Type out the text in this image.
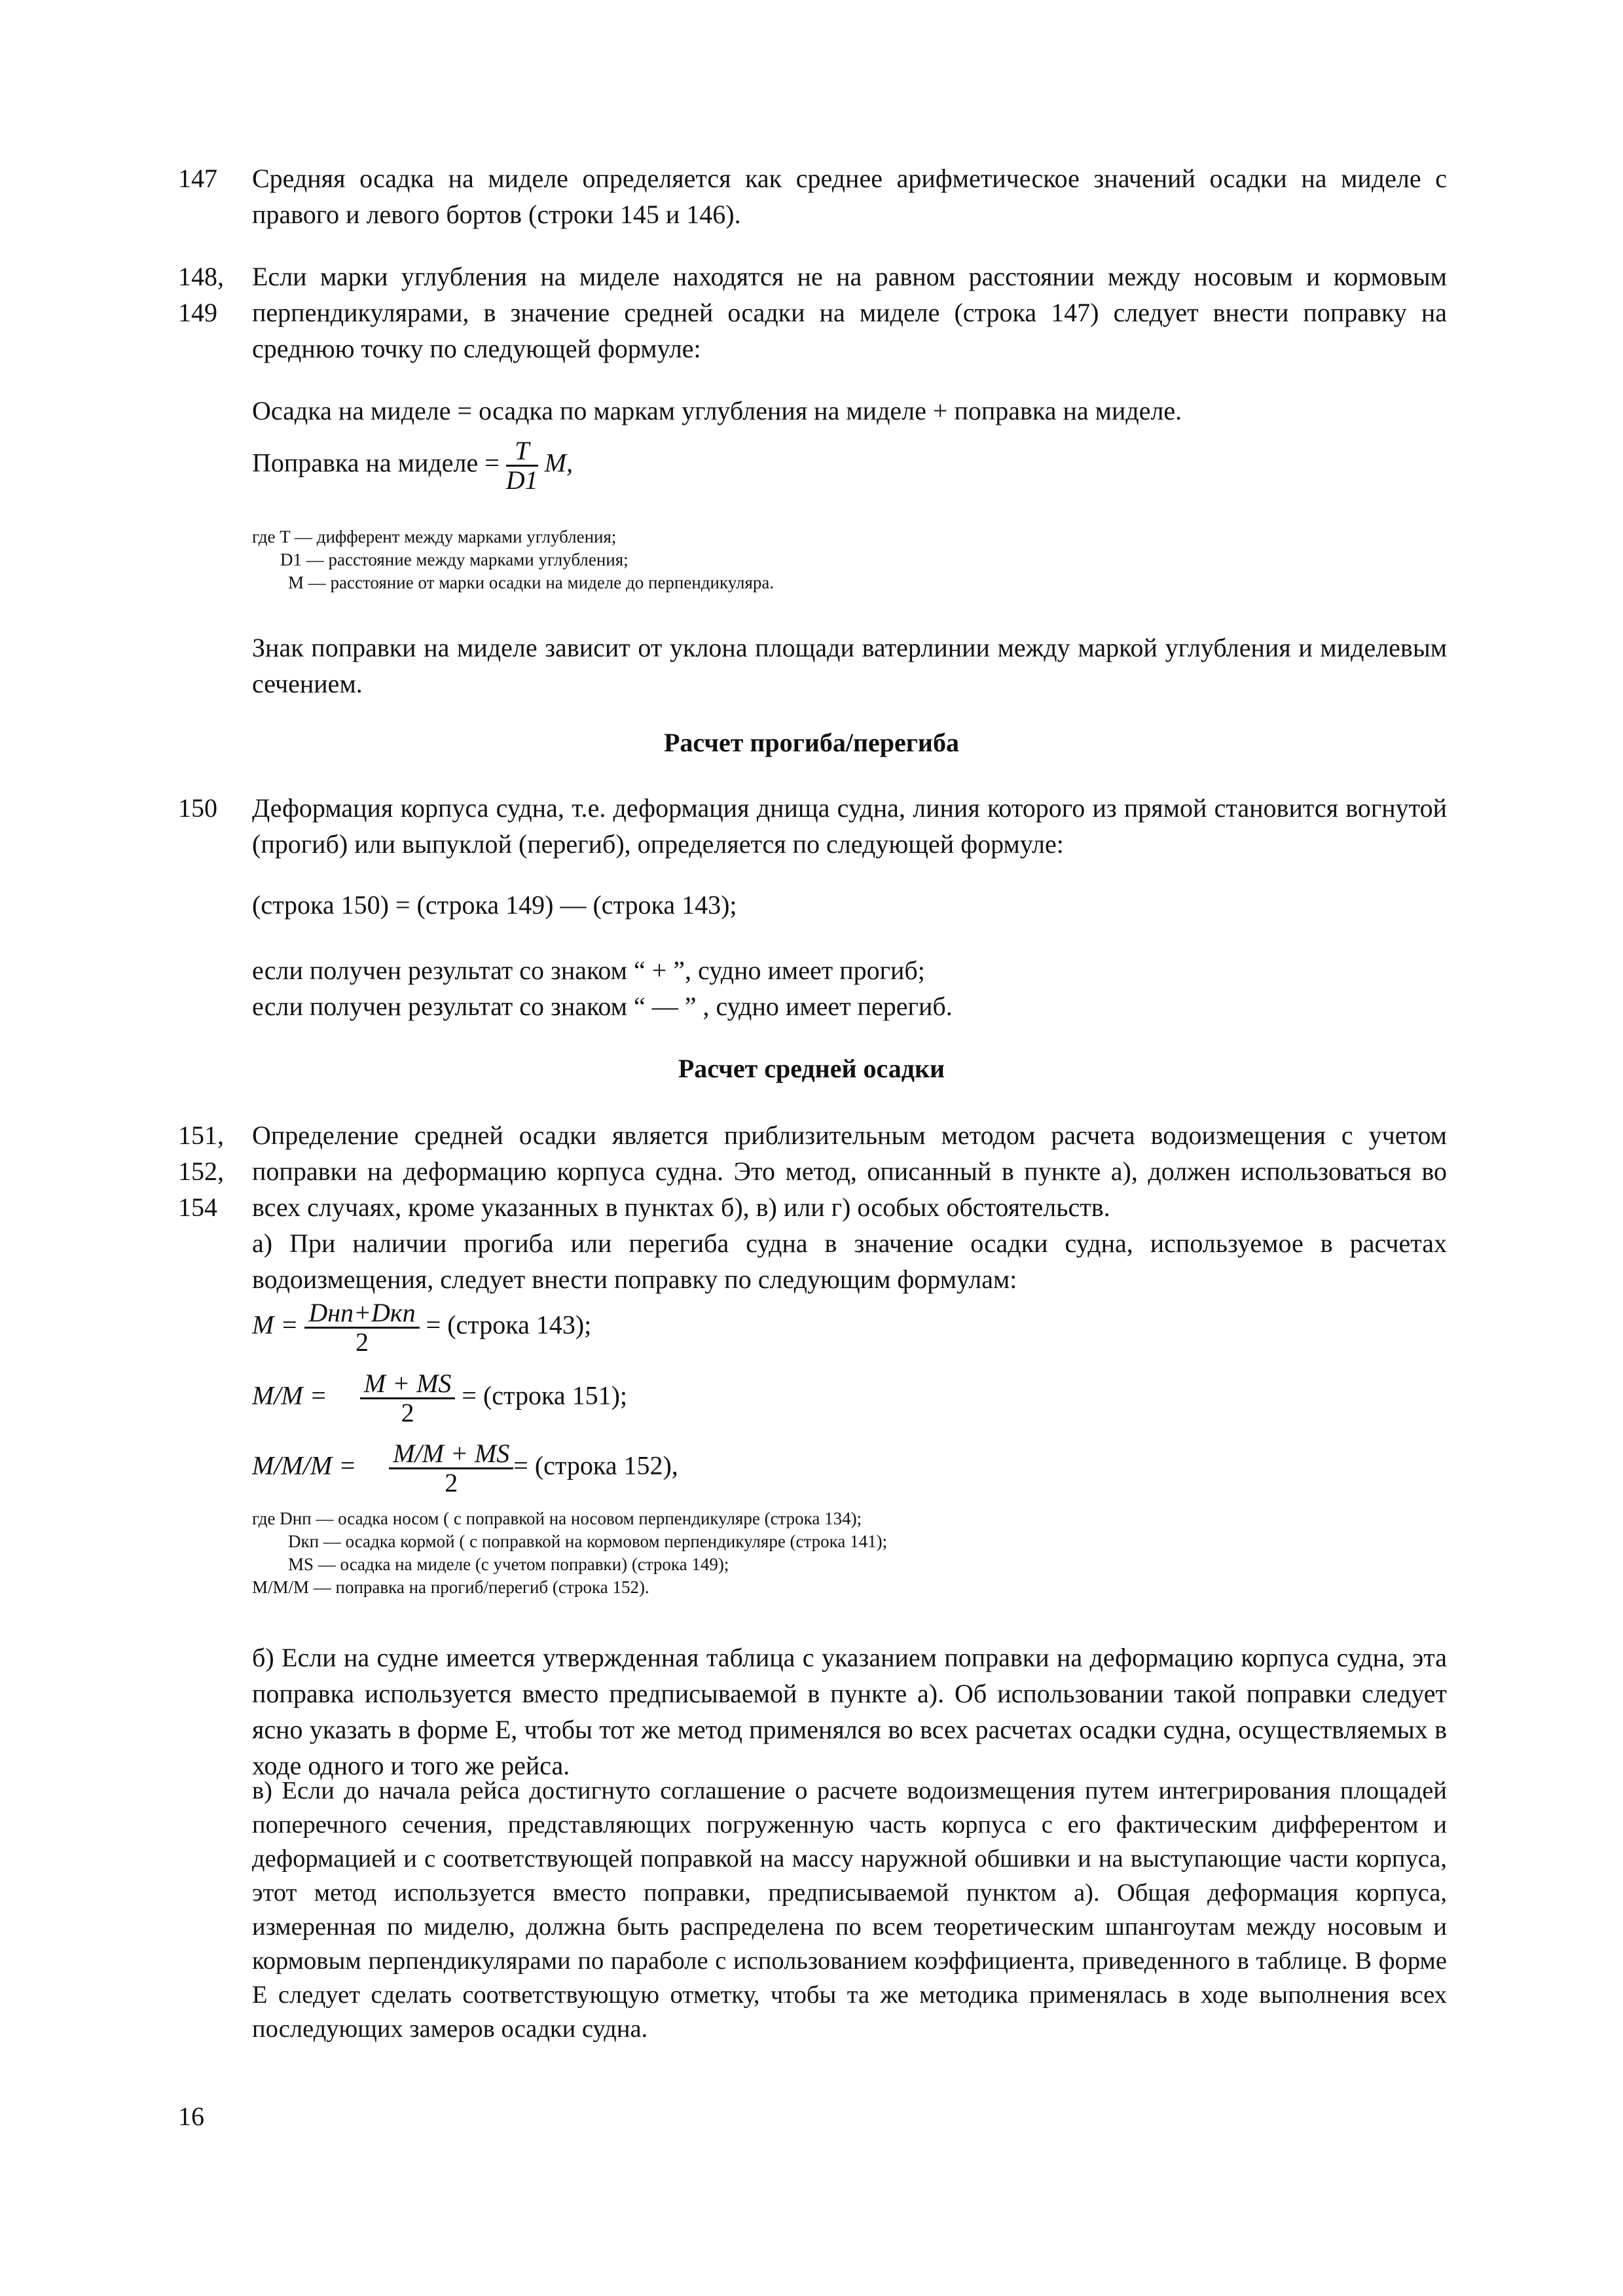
147 Средняя осадка на миделе определяется как среднее арифметическое значений осадки на миделе с правого и левого бортов (строки 145 и 146).

148,
149

Если марки углубления на миделе находятся не на равном расстоянии между носовым и кормовым перпендикулярами, в значение средней осадки на миделе (строка 147) следует внести поправку на среднюю точку по следующей формуле:

Осадка на миделе = осадка по маркам углубления на миделе + поправка на миделе.
Поправка на миделе = $\frac{T}{D1} M$,
где T — дифферент между марками углубления;
D1 — расстояние между марками углубления;
M — расстояние от марки осадки на миделе до перпендикуляра.

Знак поправки на миделе зависит от уклона площади ватерлинии между маркой углубления и миделевым сечением.

Расчет прогиба/перегиба
150 Деформация корпуса судна, т.е. деформация днища судна, линия которого из прямой становится вогнутой (прогиб) или выпуклой (перегиб), определяется по следующей формуле:

(строка 150) = (строка 149) — (строка 143);
если получен результат со знаком “ + ”, судно имеет прогиб;
если получен результат со знаком “ — ” , судно имеет перегиб.
Расчет средней осадки
151,
152,
154

Определение средней осадки является приблизительным методом расчета водоизмещения с учетом поправки на деформацию корпуса судна. Это метод, описанный в пункте а), должен использоваться во всех случаях, кроме указанных в пунктах б), в) или г) особых обстоятельств.

а) При наличии прогиба или перегиба судна в значение осадки судна, используемое в расчетах водоизмещения, следует внести поправку по следующим формулам:

$M = \frac{\text{Dнп+Dкп}}{2}$ = (строка 143);
$M/M = \frac{M + MS}{2}$ = (строка 151);
$M/M/M = \frac{M/M + MS}{2}$ = (строка 152),
где Dнп — осадка носом ( с поправкой на носовом перпендикуляре (строка 134);
Dкп — осадка кормой ( с поправкой на кормовом перпендикуляре (строка 141);
MS — осадка на миделе (с учетом поправки) (строка 149);
M/M/M — поправка на прогиб/перегиб (строка 152).

б) Если на судне имеется утвержденная таблица с указанием поправки на деформацию корпуса судна, эта поправка используется вместо предписываемой в пункте а). Об использовании такой поправки следует ясно указать в форме Е, чтобы тот же метод применялся во всех расчетах осадки судна, осуществляемых в ходе одного и того же рейса.

в) Если до начала рейса достигнуто соглашение о расчете водоизмещения путем интегрирования площадей поперечного сечения, представляющих погруженную часть корпуса с его фактическим дифферентом и деформацией и с соответствующей поправкой на массу наружной обшивки и на выступающие части корпуса, этот метод используется вместо поправки, предписываемой пунктом а). Общая деформация корпуса, измеренная по миделю, должна быть распределена по всем теоретическим шпангоутам между носовым и кормовым перпендикулярами по параболе с использованием коэффициента, приведенного в таблице. В форме Е следует сделать соответствующую отметку, чтобы та же методика применялась в ходе выполнения всех последующих замеров осадки судна.

16
